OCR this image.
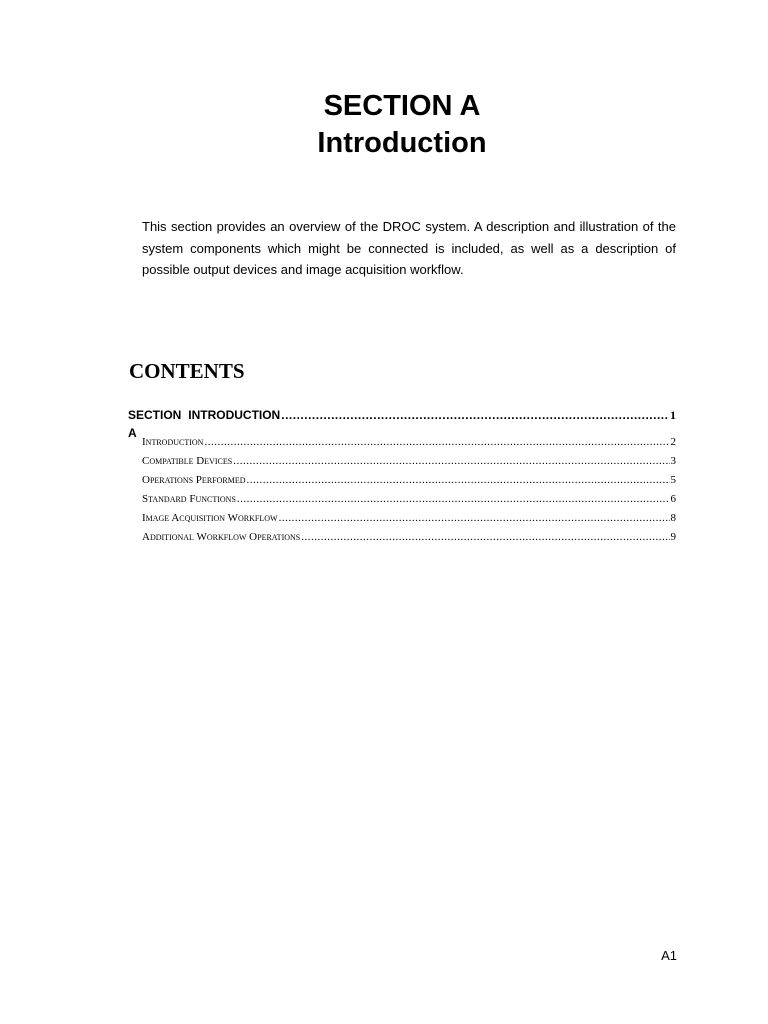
SECTION A
Introduction

This section provides an overview of the DROC system. A description and illustration of the system components which might be connected is included, as well as a description of possible output devices and image acquisition workflow.

CONTENTS
SECTION A
INTRODUCTION .....	1
Introduction .....	2
Compatible Devices .....	3
Operations Performed .....	5
Standard Functions .....	6
Image Acquisition Workflow .....	8
Additional Workflow Operations .....	9
A1
